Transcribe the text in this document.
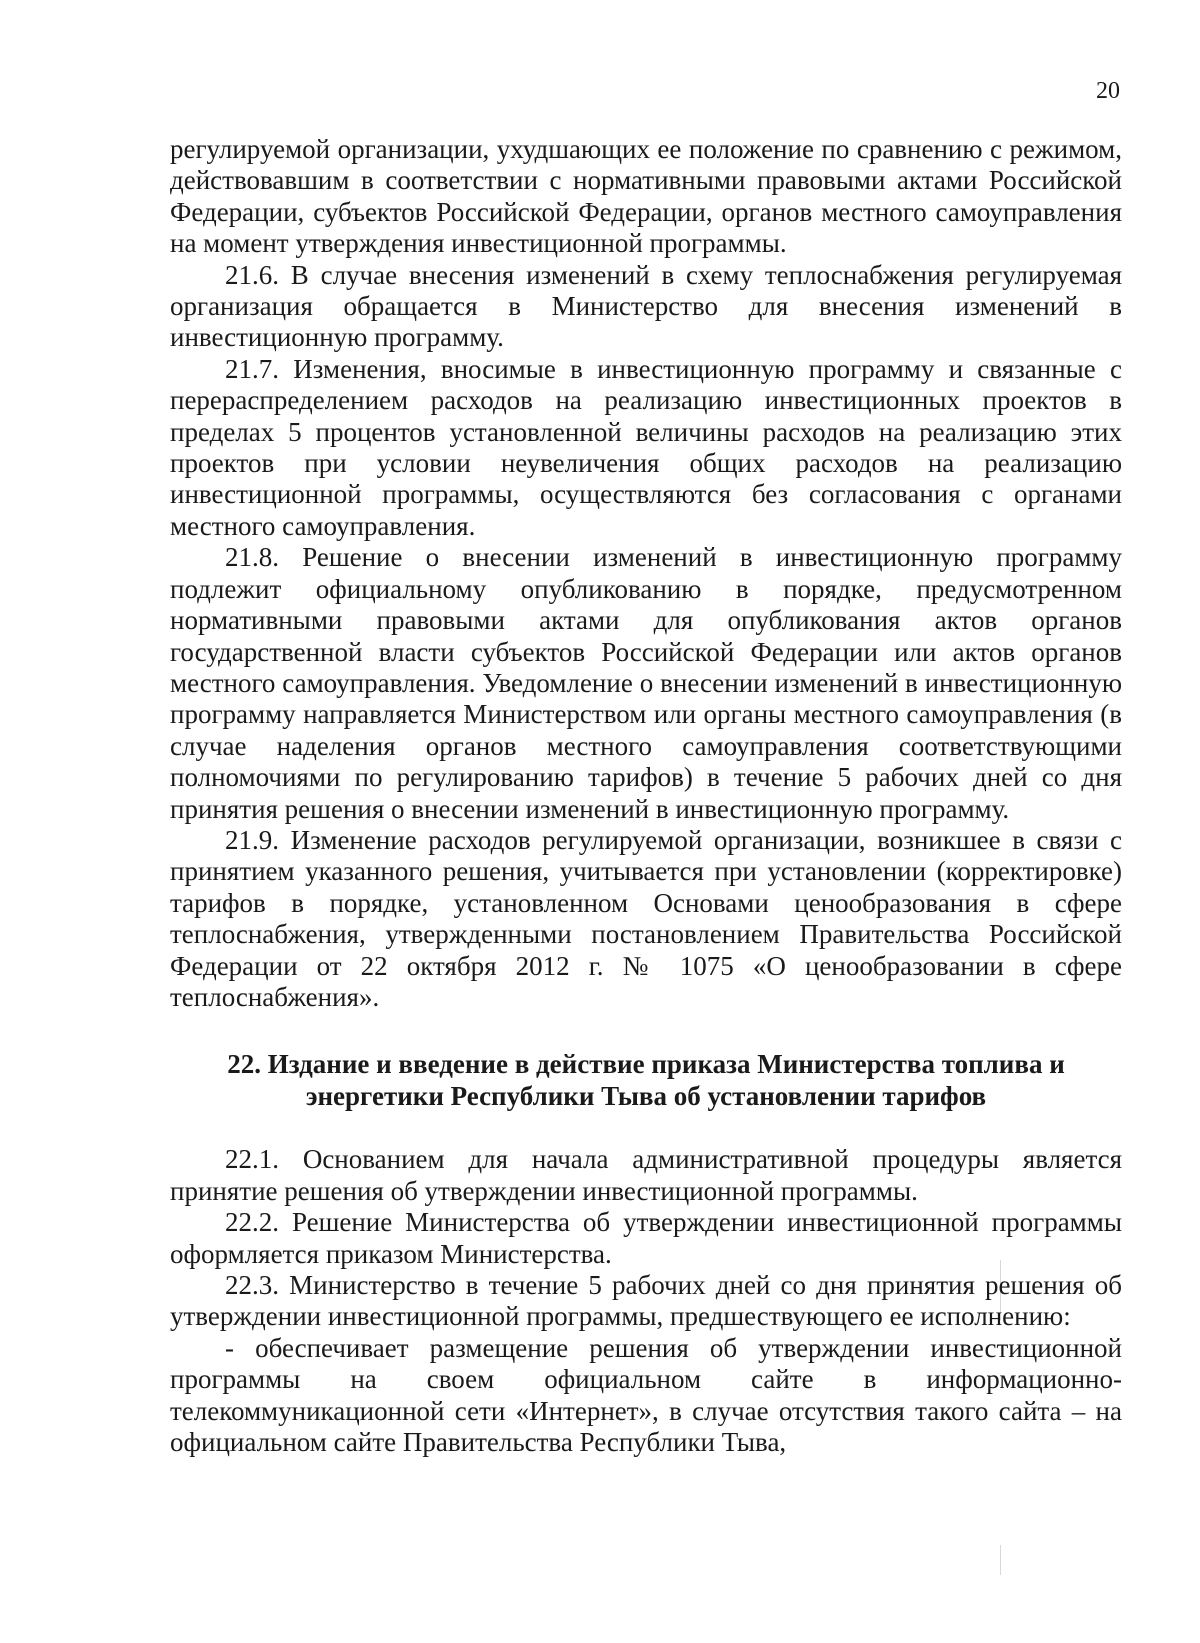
20

регулируемой организации, ухудшающих ее положение по сравнению с режимом, действовавшим в соответствии с нормативными правовыми актами Российской Федерации, субъектов Российской Федерации, органов местного самоуправления на момент утверждения инвестиционной программы.

21.6. В случае внесения изменений в схему теплоснабжения регулируемая организация обращается в Министерство для внесения изменений в инвестиционную программу.

21.7. Изменения, вносимые в инвестиционную программу и связанные с перераспределением расходов на реализацию инвестиционных проектов в пределах 5 процентов установленной величины расходов на реализацию этих проектов при условии неувеличения общих расходов на реализацию инвестиционной программы, осуществляются без согласования с органами местного самоуправления.

21.8. Решение о внесении изменений в инвестиционную программу подлежит официальному опубликованию в порядке, предусмотренном нормативными правовыми актами для опубликования актов органов государственной власти субъектов Российской Федерации или актов органов местного самоуправления. Уведомление о внесении изменений в инвестиционную программу направляется Министерством или органы местного самоуправления (в случае наделения органов местного самоуправления соответствующими полномочиями по регулированию тарифов) в течение 5 рабочих дней со дня принятия решения о внесении изменений в инвестиционную программу.

21.9. Изменение расходов регулируемой организации, возникшее в связи с принятием указанного решения, учитывается при установлении (корректировке) тарифов в порядке, установленном Основами ценообразования в сфере теплоснабжения, утвержденными постановлением Правительства Российской Федерации от 22 октября 2012 г. № 1075 «О ценообразовании в сфере теплоснабжения».

22. Издание и введение в действие приказа Министерства топлива и
энергетики Республики Тыва об установлении тарифов

22.1. Основанием для начала административной процедуры является принятие решения об утверждении инвестиционной программы.

22.2. Решение Министерства об утверждении инвестиционной программы оформляется приказом Министерства.

22.3. Министерство в течение 5 рабочих дней со дня принятия решения об утверждении инвестиционной программы, предшествующего ее исполнению:

- обеспечивает размещение решения об утверждении инвестиционной программы на своем официальном сайте в информационно-телекоммуникационной сети «Интернет», в случае отсутствия такого сайта – на официальном сайте Правительства Республики Тыва,
